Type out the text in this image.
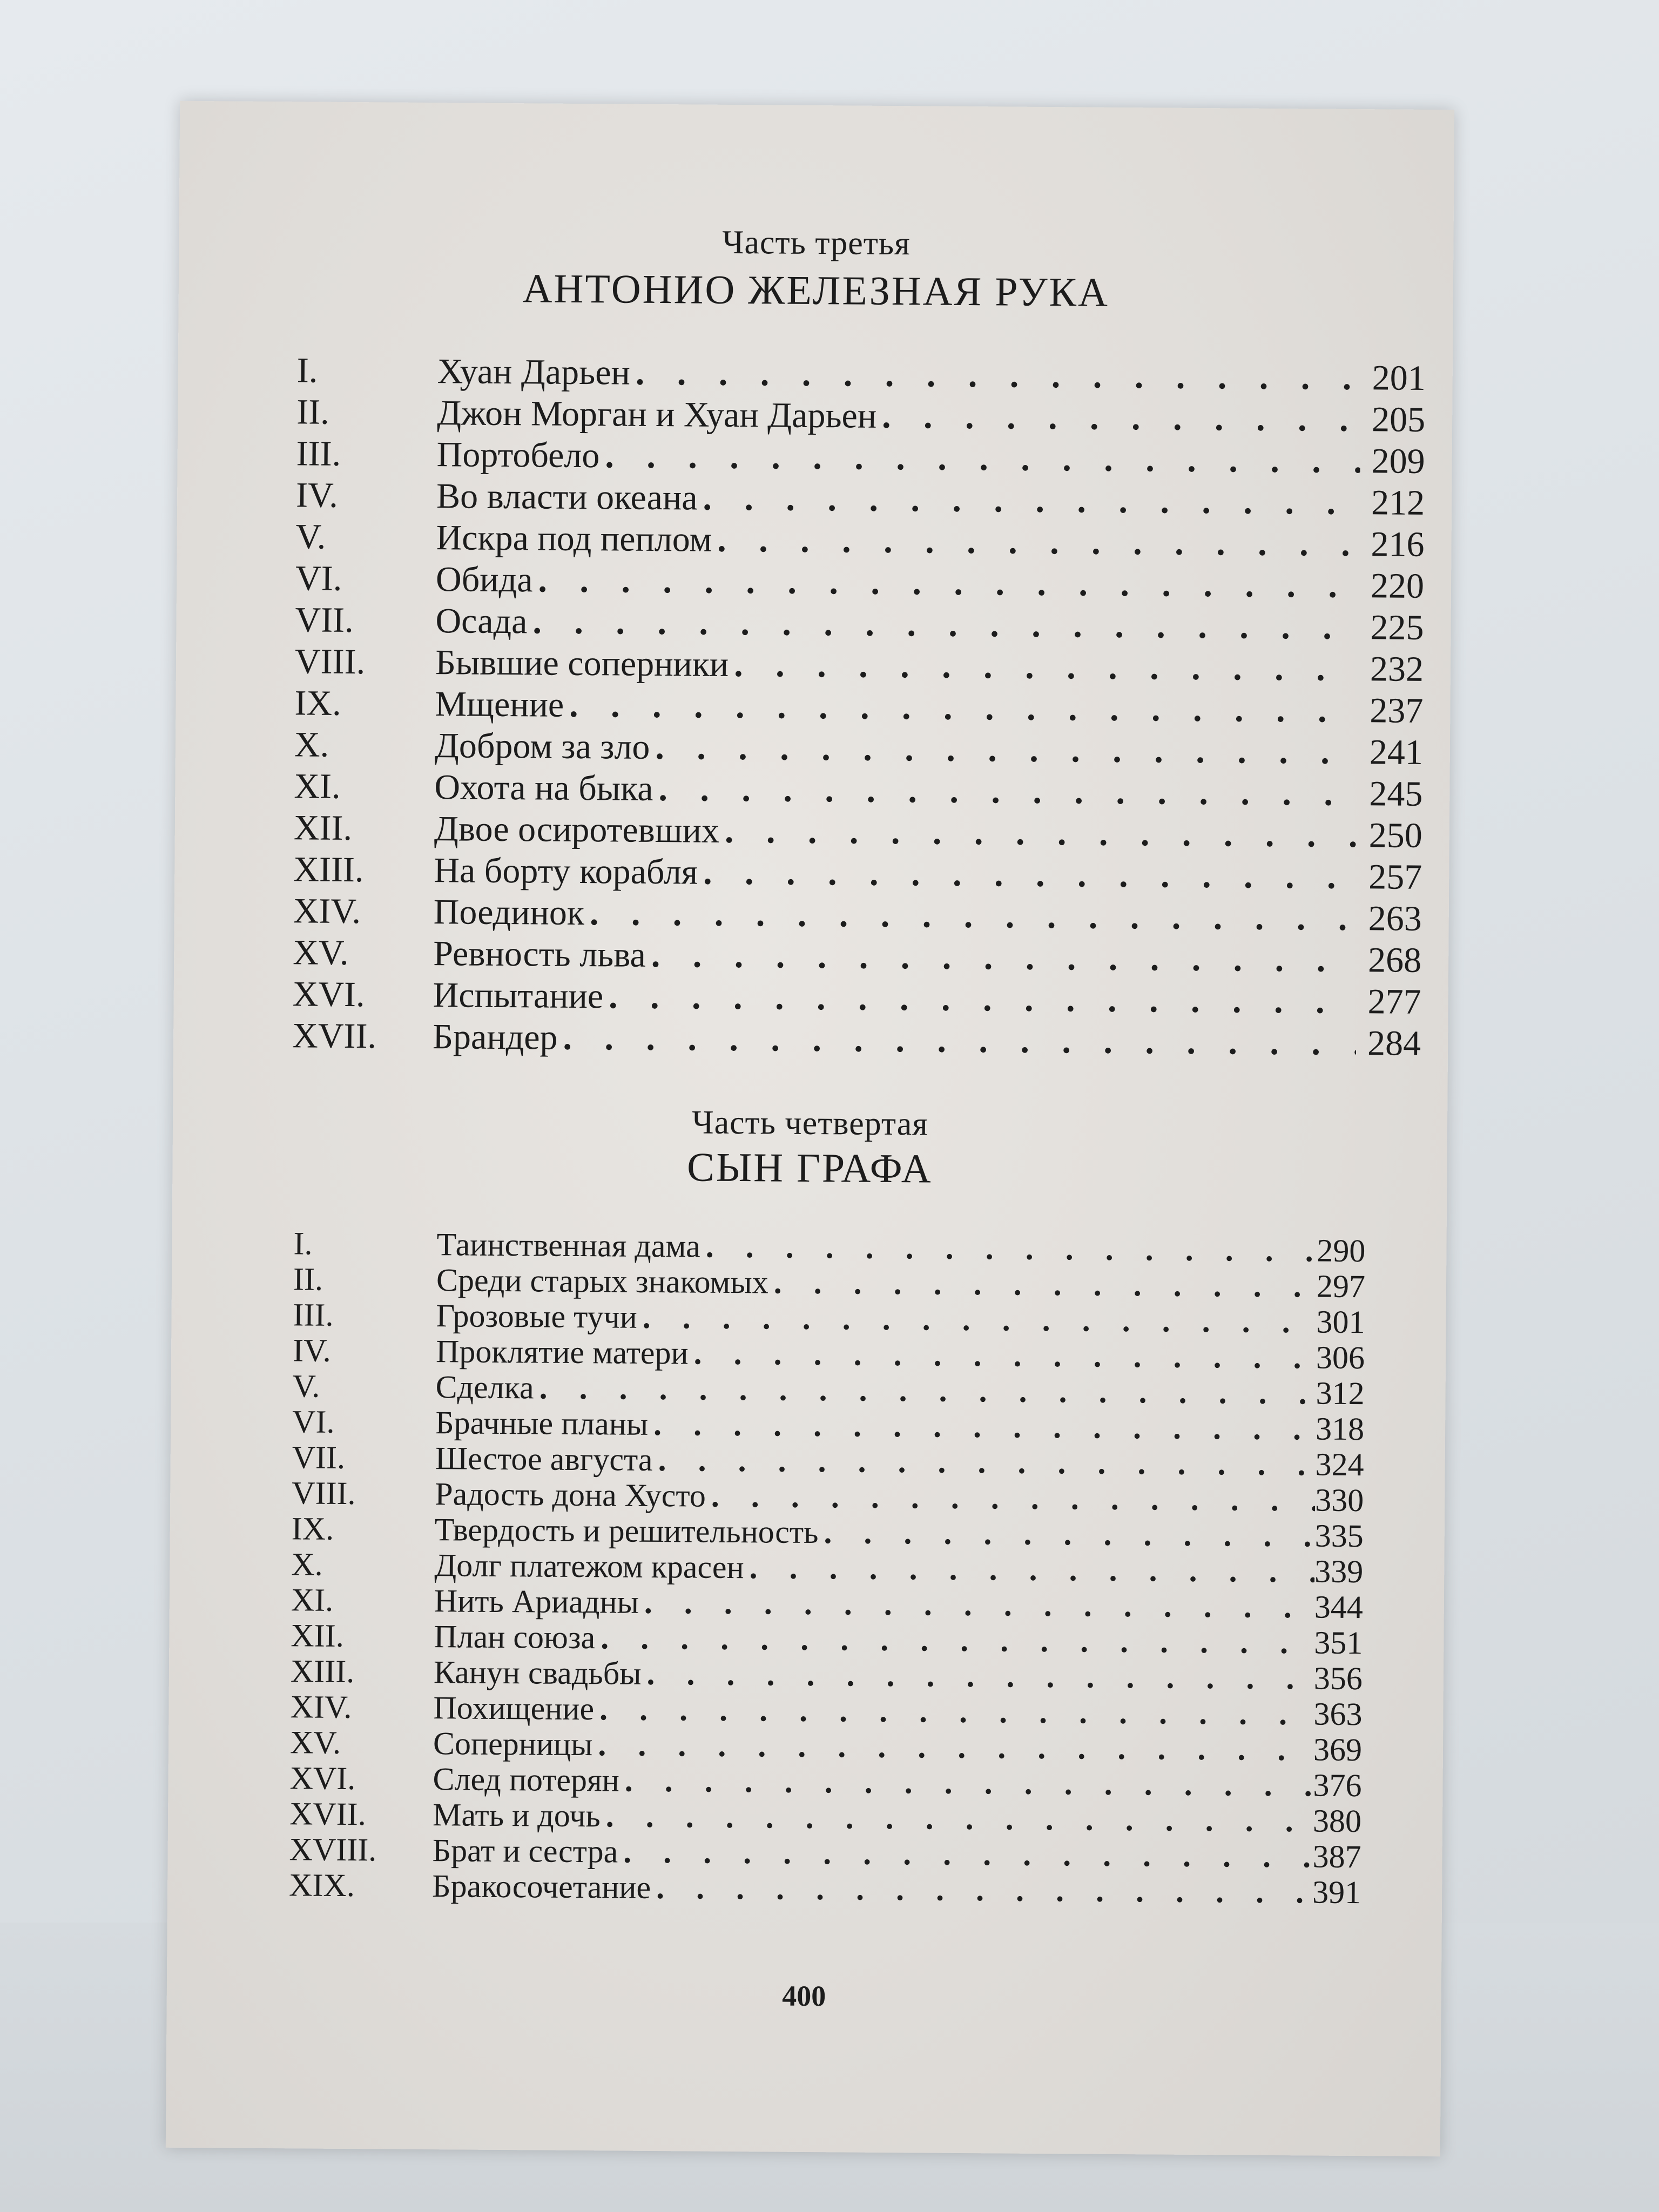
Часть третья
АНТОНИО ЖЕЛЕЗНАЯ РУКА
I.	Хуан Дарьен . . .	201
II.	Джон Морган и Хуан Дарьен . . .	205
III.	Портобело . . .	209
IV.	Во власти океана . . .	212
V.	Искра под пеплом . . .	216
VI.	Обида . . .	220
VII. Осада . . .	225
VIII. Бывшие соперники . . .	232
IX.	Мщение . . .	237
X.	Добром за зло . . .	241
XI.	Охота на быка . . .	245
XII. Двое осиротевших . . .	250
XIII. На борту корабля . . .	257
XIV. Поединок . . .	263
XV. Ревность льва . . .	268
XVI. Испытание . . .	277
XVII. Брандер . . .	284
Часть четвертая
СЫН ГРАФА
I.	Таинственная дама . . .	290
II.	Среди старых знакомых . . .	297
III.	Грозовые тучи . . .	301
IV.	Проклятие матери . . .	306
V.	Сделка . . .	312
VI.	Брачные планы . . .	318
VII.	Шестое августа . . .	324
VIII. Радость дона Хусто . . .	330
IX.	Твердость и решительность . . .	335
X.	Долг платежом красен . . .	339
XI.	Нить Ариадны . . .	344
XII.	План союза . . .	351
XIII. Канун свадьбы . . .	356
XIV.	Похищение . . .	363
XV.	Соперницы . . .	369
XVI. След потерян . . .	376
XVII. Мать и дочь . . .	380
XVIII. Брат и сестра . . .	387
XIX. Бракосочетание . . .	391
400
